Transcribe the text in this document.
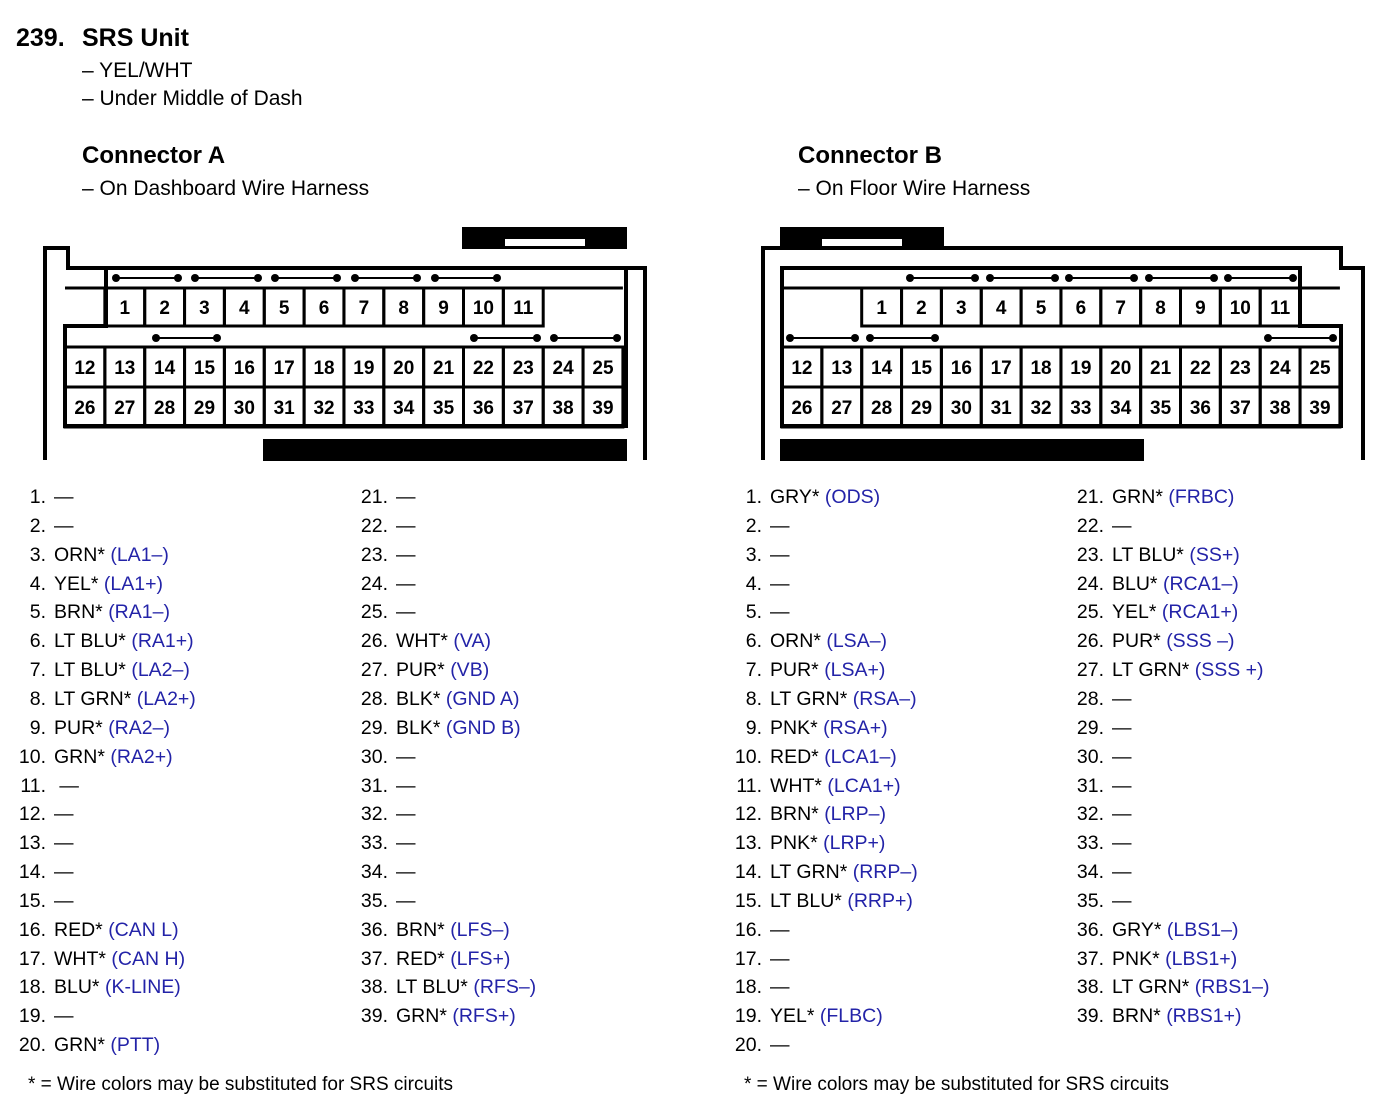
239. SRS Unit
– YEL/WHT
– Under Middle of Dash
Connector A
– On Dashboard Wire Harness
Connector B
– On Floor Wire Harness
1 2 3 4 5 6 7 8 9 10 11
12 13 14 15 16 17 18 19 20 21 22 23 24 25
26 27 28 29 30 31 32 33 34 35 36 37 38 39
1 2 3 4 5 6 7 8 9 10 11
12 13 14 15 16 17 18 19 20 21 22 23 24 25
26 27 28 29 30 31 32 33 34 35 36 37 38 39
1. —
2. —
3. ORN* (LA1–)
4. YEL* (LA1+)
5. BRN* (RA1–)
6. LT BLU* (RA1+)
7. LT BLU* (LA2–)
8. LT GRN* (LA2+)
9. PUR* (RA2–)
10. GRN* (RA2+)
11. —
12. —
13. —
14. —
15. —
16. RED* (CAN L)
17. WHT* (CAN H)
18. BLU* (K-LINE)
19. —
20. GRN* (PTT)
21. —
22. —
23. —
24. —
25. —
26. WHT* (VA)
27. PUR* (VB)
28. BLK* (GND A)
29. BLK* (GND B)
30. —
31. —
32. —
33. —
34. —
35. —
36. BRN* (LFS–)
37. RED* (LFS+)
38. LT BLU* (RFS–)
39. GRN* (RFS+)
1. GRY* (ODS)
2. —
3. —
4. —
5. —
6. ORN* (LSA–)
7. PUR* (LSA+)
8. LT GRN* (RSA–)
9. PNK* (RSA+)
10. RED* (LCA1–)
11. WHT* (LCA1+)
12. BRN* (LRP–)
13. PNK* (LRP+)
14. LT GRN* (RRP–)
15. LT BLU* (RRP+)
16. —
17. —
18. —
19. YEL* (FLBC)
20. —
21. GRN* (FRBC)
22. —
23. LT BLU* (SS+)
24. BLU* (RCA1–)
25. YEL* (RCA1+)
26. PUR* (SSS –)
27. LT GRN* (SSS +)
28. —
29. —
30. —
31. —
32. —
33. —
34. —
35. —
36. GRY* (LBS1–)
37. PNK* (LBS1+)
38. LT GRN* (RBS1–)
39. BRN* (RBS1+)
* = Wire colors may be substituted for SRS circuits	* = Wire colors may be substituted for SRS circuits
